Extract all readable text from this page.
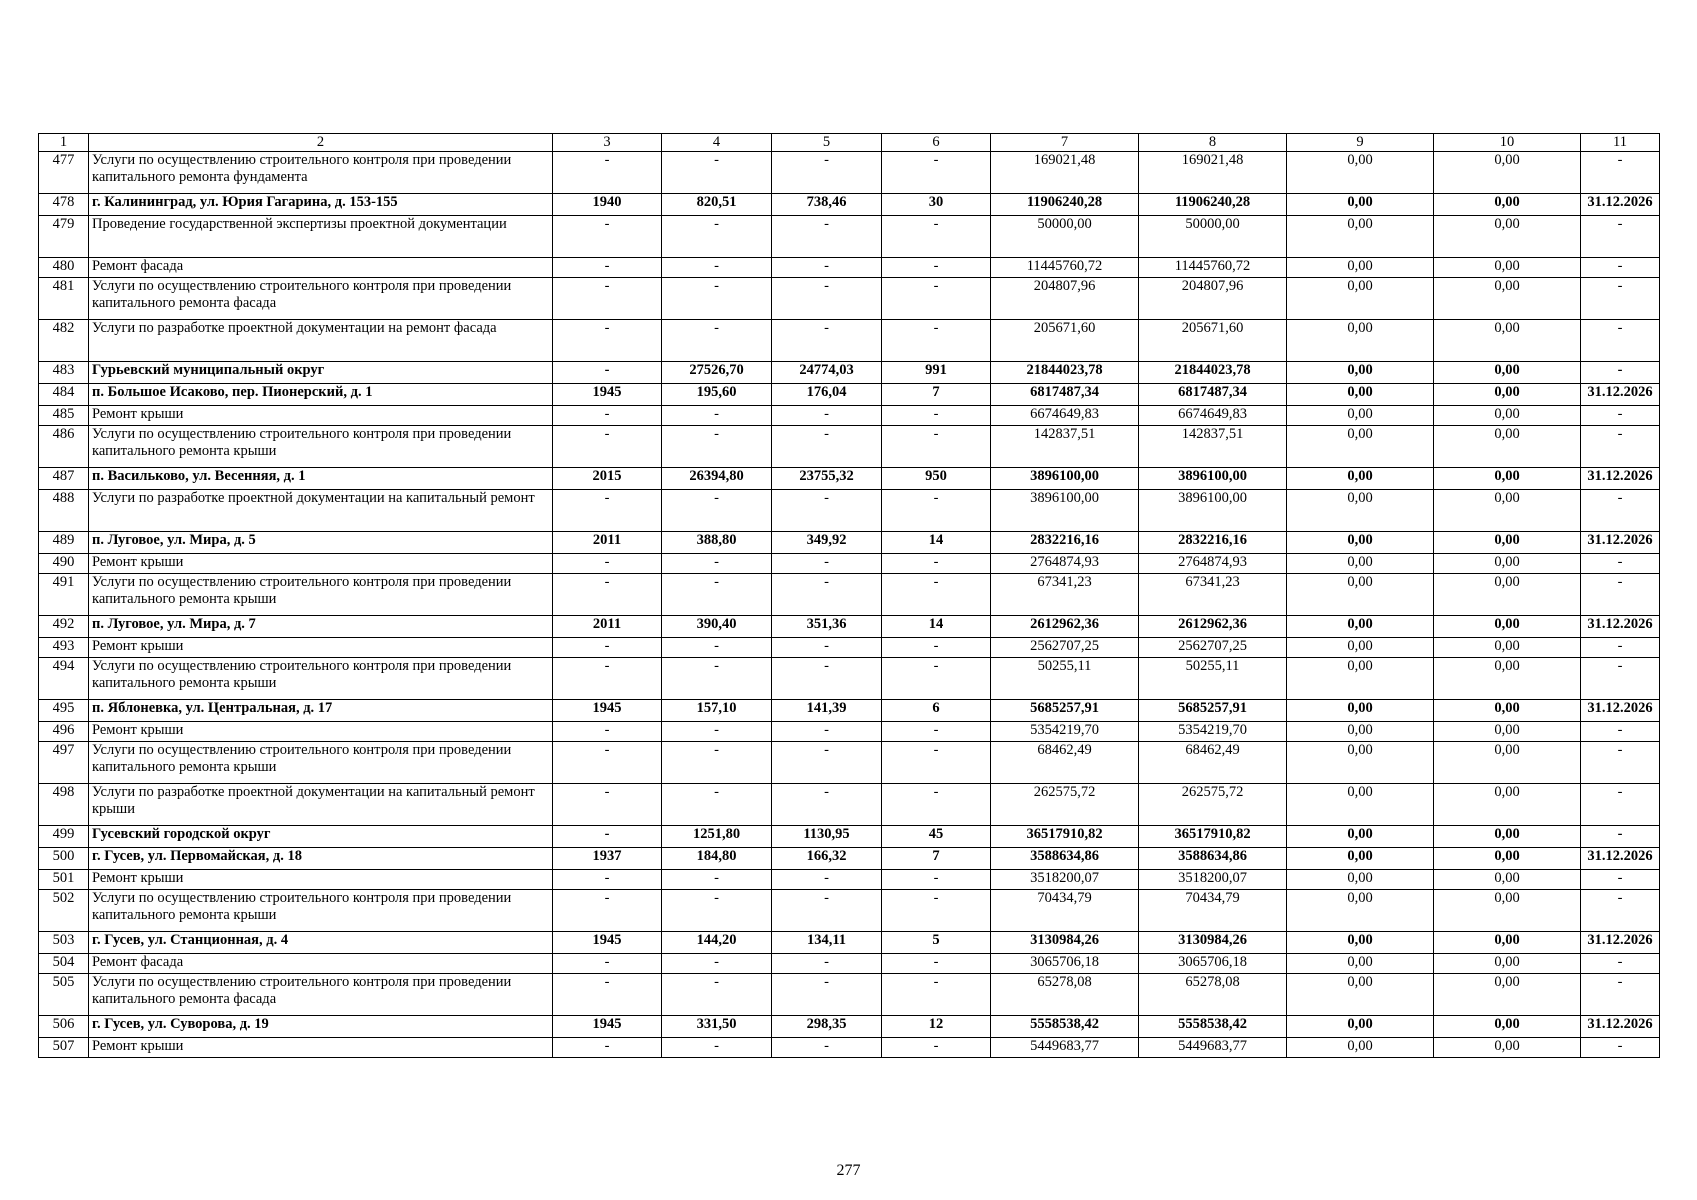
1	2	3	4	5	6	7	8	9	10	11
477	Услуги по осуществлению строительного контроля при проведении капитального ремонта фундамента	-	-	-	-	169021,48	169021,48	0,00	0,00	-
478	г. Калининград, ул. Юрия Гагарина, д. 153-155	1940	820,51	738,46	30	11906240,28	11906240,28	0,00	0,00	31.12.2026
479	Проведение государственной экспертизы проектной документации	-	-	-	-	50000,00	50000,00	0,00	0,00	-
480	Ремонт фасада	-	-	-	-	11445760,72	11445760,72	0,00	0,00	-
481	Услуги по осуществлению строительного контроля при проведении капитального ремонта фасада	-	-	-	-	204807,96	204807,96	0,00	0,00	-
482	Услуги по разработке проектной документации на ремонт фасада	-	-	-	-	205671,60	205671,60	0,00	0,00	-
483	Гурьевский муниципальный округ	-	27526,70	24774,03	991	21844023,78	21844023,78	0,00	0,00	-
484	п. Большое Исаково, пер. Пионерский, д. 1	1945	195,60	176,04	7	6817487,34	6817487,34	0,00	0,00	31.12.2026
485	Ремонт крыши	-	-	-	-	6674649,83	6674649,83	0,00	0,00	-
486	Услуги по осуществлению строительного контроля при проведении капитального ремонта крыши	-	-	-	-	142837,51	142837,51	0,00	0,00	-
487	п. Васильково, ул. Весенняя, д. 1	2015	26394,80	23755,32	950	3896100,00	3896100,00	0,00	0,00	31.12.2026
488	Услуги по разработке проектной документации на капитальный ремонт	-	-	-	-	3896100,00	3896100,00	0,00	0,00	-
489	п. Луговое, ул. Мира, д. 5	2011	388,80	349,92	14	2832216,16	2832216,16	0,00	0,00	31.12.2026
490	Ремонт крыши	-	-	-	-	2764874,93	2764874,93	0,00	0,00	-
491	Услуги по осуществлению строительного контроля при проведении капитального ремонта крыши	-	-	-	-	67341,23	67341,23	0,00	0,00	-
492	п. Луговое, ул. Мира, д. 7	2011	390,40	351,36	14	2612962,36	2612962,36	0,00	0,00	31.12.2026
493	Ремонт крыши	-	-	-	-	2562707,25	2562707,25	0,00	0,00	-
494	Услуги по осуществлению строительного контроля при проведении капитального ремонта крыши	-	-	-	-	50255,11	50255,11	0,00	0,00	-
495	п. Яблоневка, ул. Центральная, д. 17	1945	157,10	141,39	6	5685257,91	5685257,91	0,00	0,00	31.12.2026
496	Ремонт крыши	-	-	-	-	5354219,70	5354219,70	0,00	0,00	-
497	Услуги по осуществлению строительного контроля при проведении капитального ремонта крыши	-	-	-	-	68462,49	68462,49	0,00	0,00	-
498	Услуги по разработке проектной документации на капитальный ремонт крыши	-	-	-	-	262575,72	262575,72	0,00	0,00	-
499	Гусевский городской округ	-	1251,80	1130,95	45	36517910,82	36517910,82	0,00	0,00	-
500	г. Гусев, ул. Первомайская, д. 18	1937	184,80	166,32	7	3588634,86	3588634,86	0,00	0,00	31.12.2026
501	Ремонт крыши	-	-	-	-	3518200,07	3518200,07	0,00	0,00	-
502	Услуги по осуществлению строительного контроля при проведении капитального ремонта крыши	-	-	-	-	70434,79	70434,79	0,00	0,00	-
503	г. Гусев, ул. Станционная, д. 4	1945	144,20	134,11	5	3130984,26	3130984,26	0,00	0,00	31.12.2026
504	Ремонт фасада	-	-	-	-	3065706,18	3065706,18	0,00	0,00	-
505	Услуги по осуществлению строительного контроля при проведении капитального ремонта фасада	-	-	-	-	65278,08	65278,08	0,00	0,00	-
506	г. Гусев, ул. Суворова, д. 19	1945	331,50	298,35	12	5558538,42	5558538,42	0,00	0,00	31.12.2026
507	Ремонт крыши	-	-	-	-	5449683,77	5449683,77	0,00	0,00	-
277
